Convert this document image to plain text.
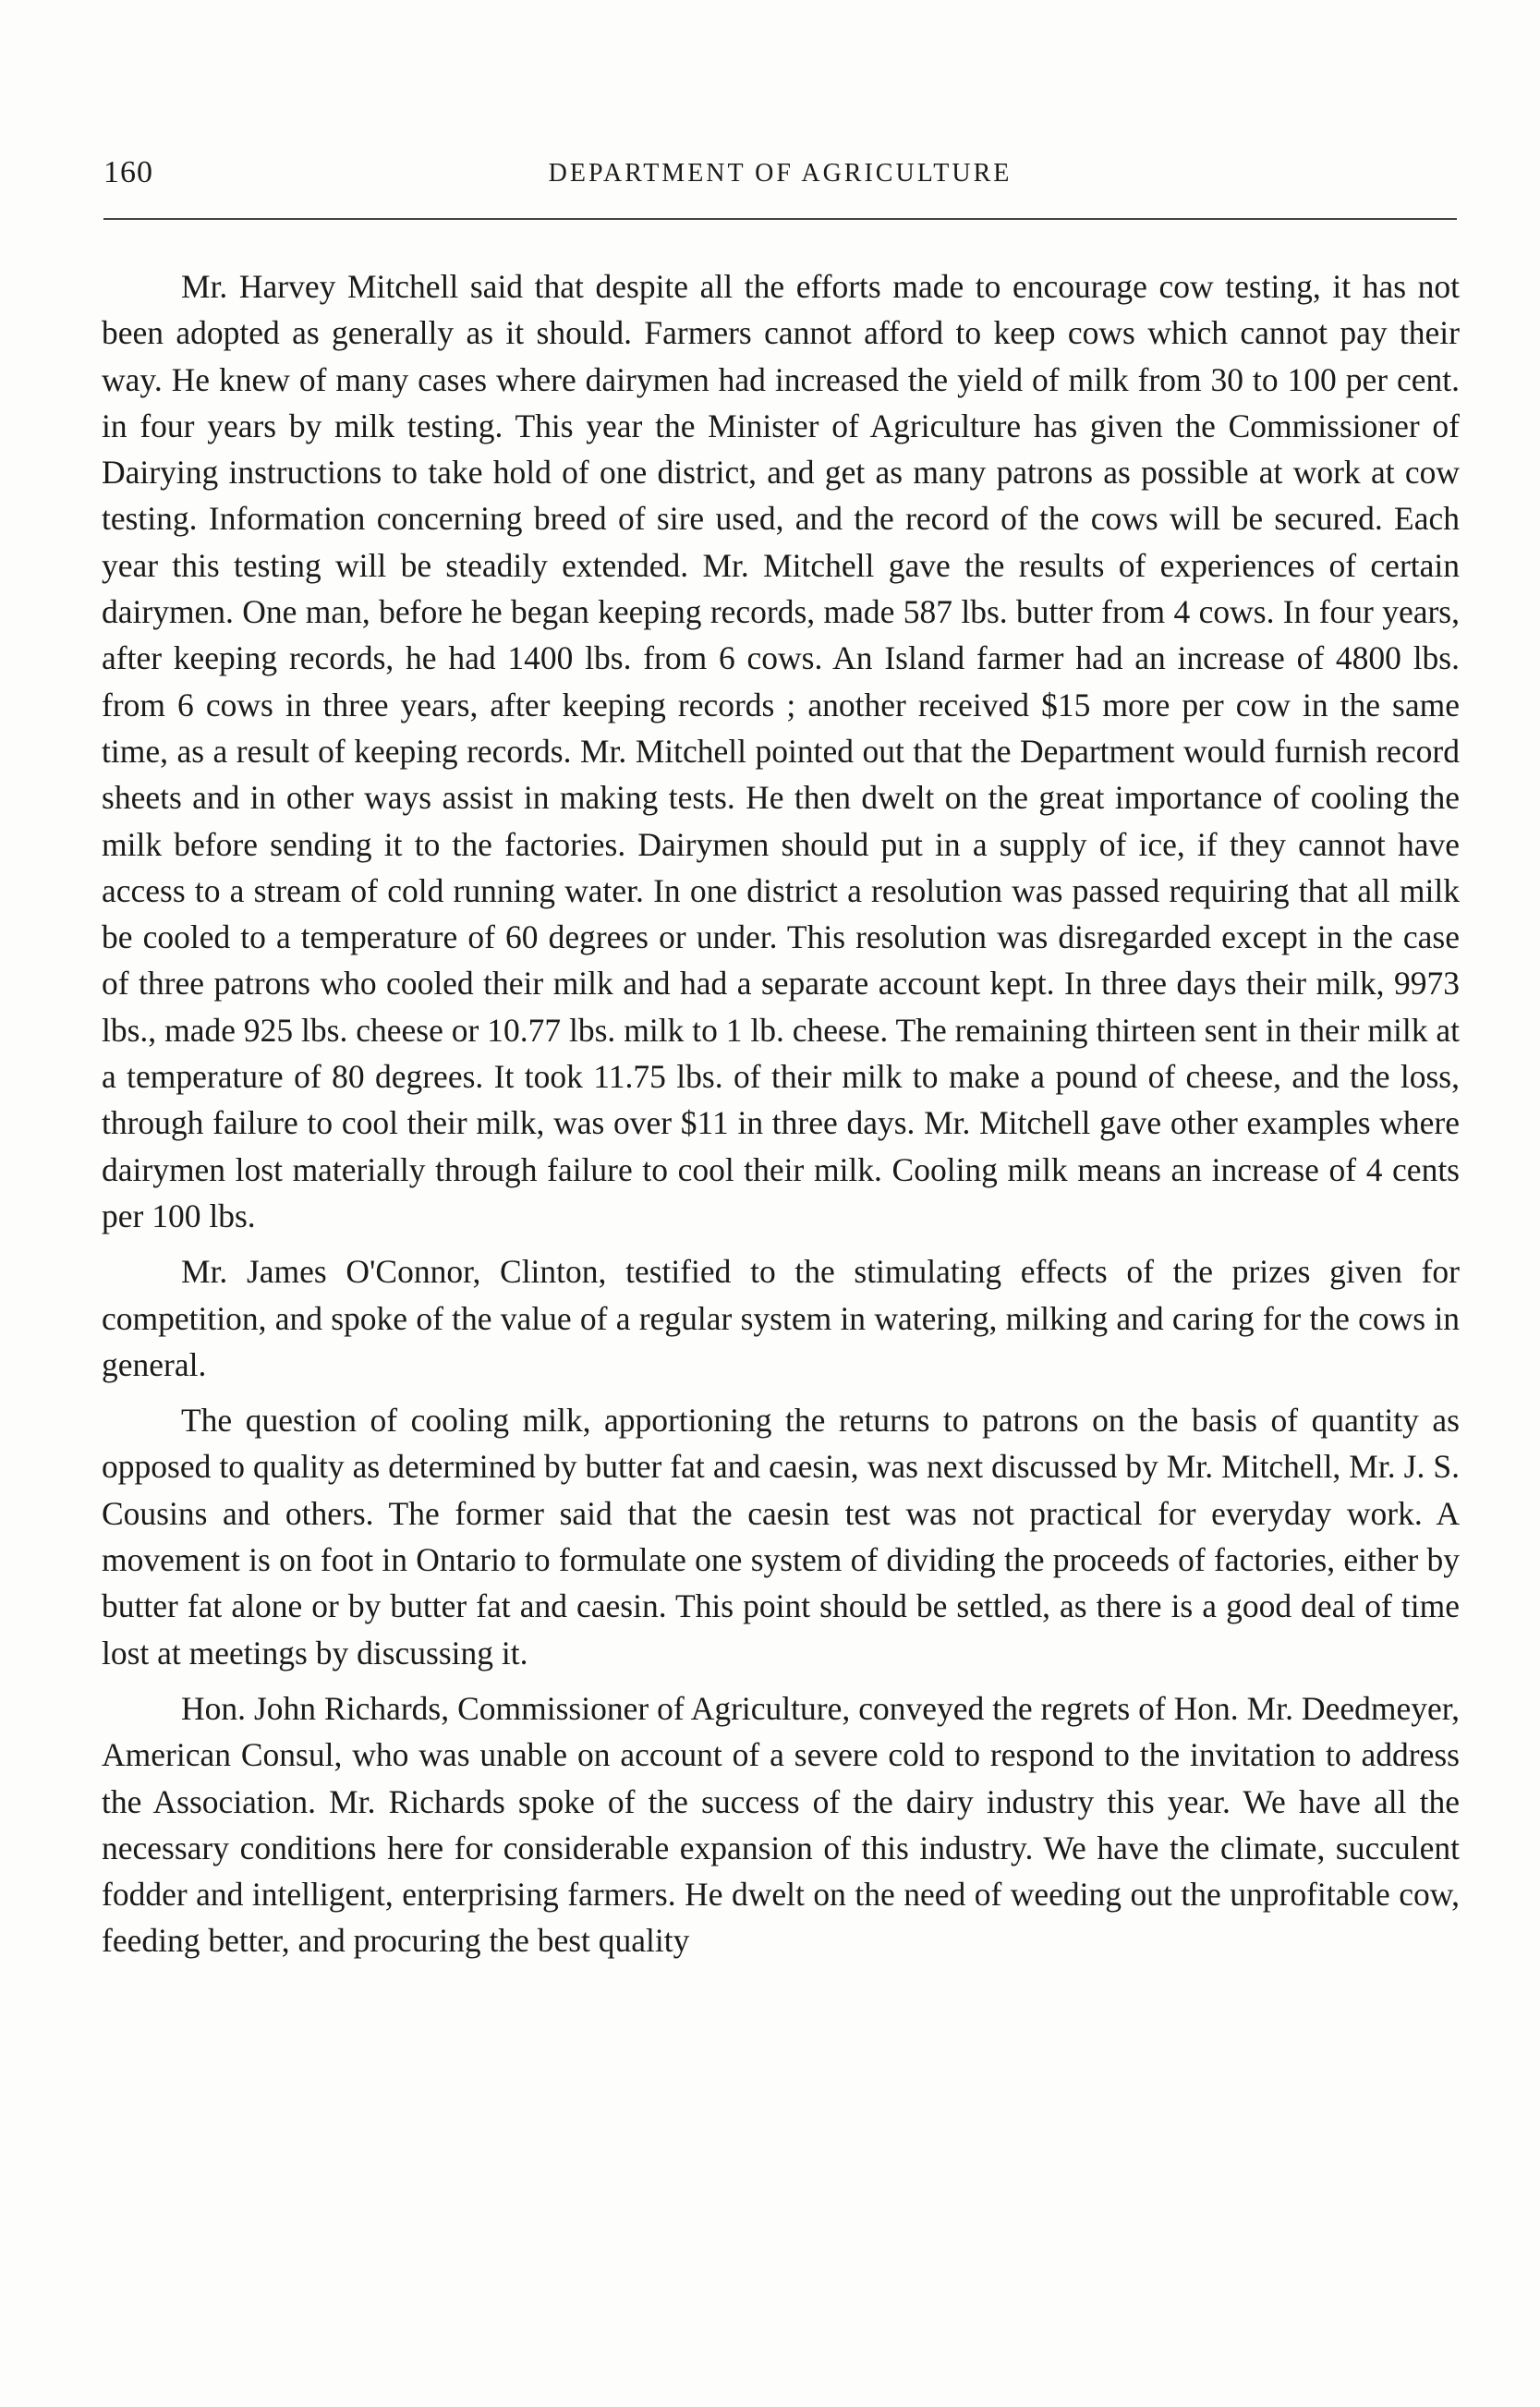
160	DEPARTMENT OF AGRICULTURE

Mr. Harvey Mitchell said that despite all the efforts made to encourage cow testing, it has not been adopted as generally as it should. Farmers cannot afford to keep cows which cannot pay their way. He knew of many cases where dairymen had increased the yield of milk from 30 to 100 per cent. in four years by milk testing. This year the Minister of Agriculture has given the Commissioner of Dairying instructions to take hold of one district, and get as many patrons as possible at work at cow testing. Information concerning breed of sire used, and the record of the cows will be secured. Each year this testing will be steadily extended. Mr. Mitchell gave the results of experiences of certain dairymen. One man, before he began keeping records, made 587 lbs. butter from 4 cows. In four years, after keeping records, he had 1400 lbs. from 6 cows. An Island farmer had an increase of 4800 lbs. from 6 cows in three years, after keeping records ; another received $15 more per cow in the same time, as a result of keeping records. Mr. Mitchell pointed out that the Department would furnish record sheets and in other ways assist in making tests. He then dwelt on the great importance of cooling the milk before sending it to the factories. Dairymen should put in a supply of ice, if they cannot have access to a stream of cold running water. In one district a resolution was passed requiring that all milk be cooled to a temperature of 60 degrees or under. This resolution was disregarded except in the case of three patrons who cooled their milk and had a separate account kept. In three days their milk, 9973 lbs., made 925 lbs. cheese or 10.77 lbs. milk to 1 lb. cheese. The remaining thirteen sent in their milk at a temperature of 80 degrees. It took 11.75 lbs. of their milk to make a pound of cheese, and the loss, through failure to cool their milk, was over $11 in three days. Mr. Mitchell gave other examples where dairymen lost materially through failure to cool their milk. Cooling milk means an increase of 4 cents per 100 lbs.

Mr. James O'Connor, Clinton, testified to the stimulating effects of the prizes given for competition, and spoke of the value of a regular system in watering, milking and caring for the cows in general.

The question of cooling milk, apportioning the returns to patrons on the basis of quantity as opposed to quality as determined by butter fat and caesin, was next discussed by Mr. Mitchell, Mr. J. S. Cousins and others. The former said that the caesin test was not practical for everyday work. A movement is on foot in Ontario to formulate one system of dividing the proceeds of factories, either by butter fat alone or by butter fat and caesin. This point should be settled, as there is a good deal of time lost at meetings by discussing it.

Hon. John Richards, Commissioner of Agriculture, conveyed the regrets of Hon. Mr. Deedmeyer, American Consul, who was unable on account of a severe cold to respond to the invitation to address the Association. Mr. Richards spoke of the success of the dairy industry this year. We have all the necessary conditions here for considerable expansion of this industry. We have the climate, succulent fodder and intelligent, enterprising farmers. He dwelt on the need of weeding out the unprofitable cow, feeding better, and procuring the best quality
